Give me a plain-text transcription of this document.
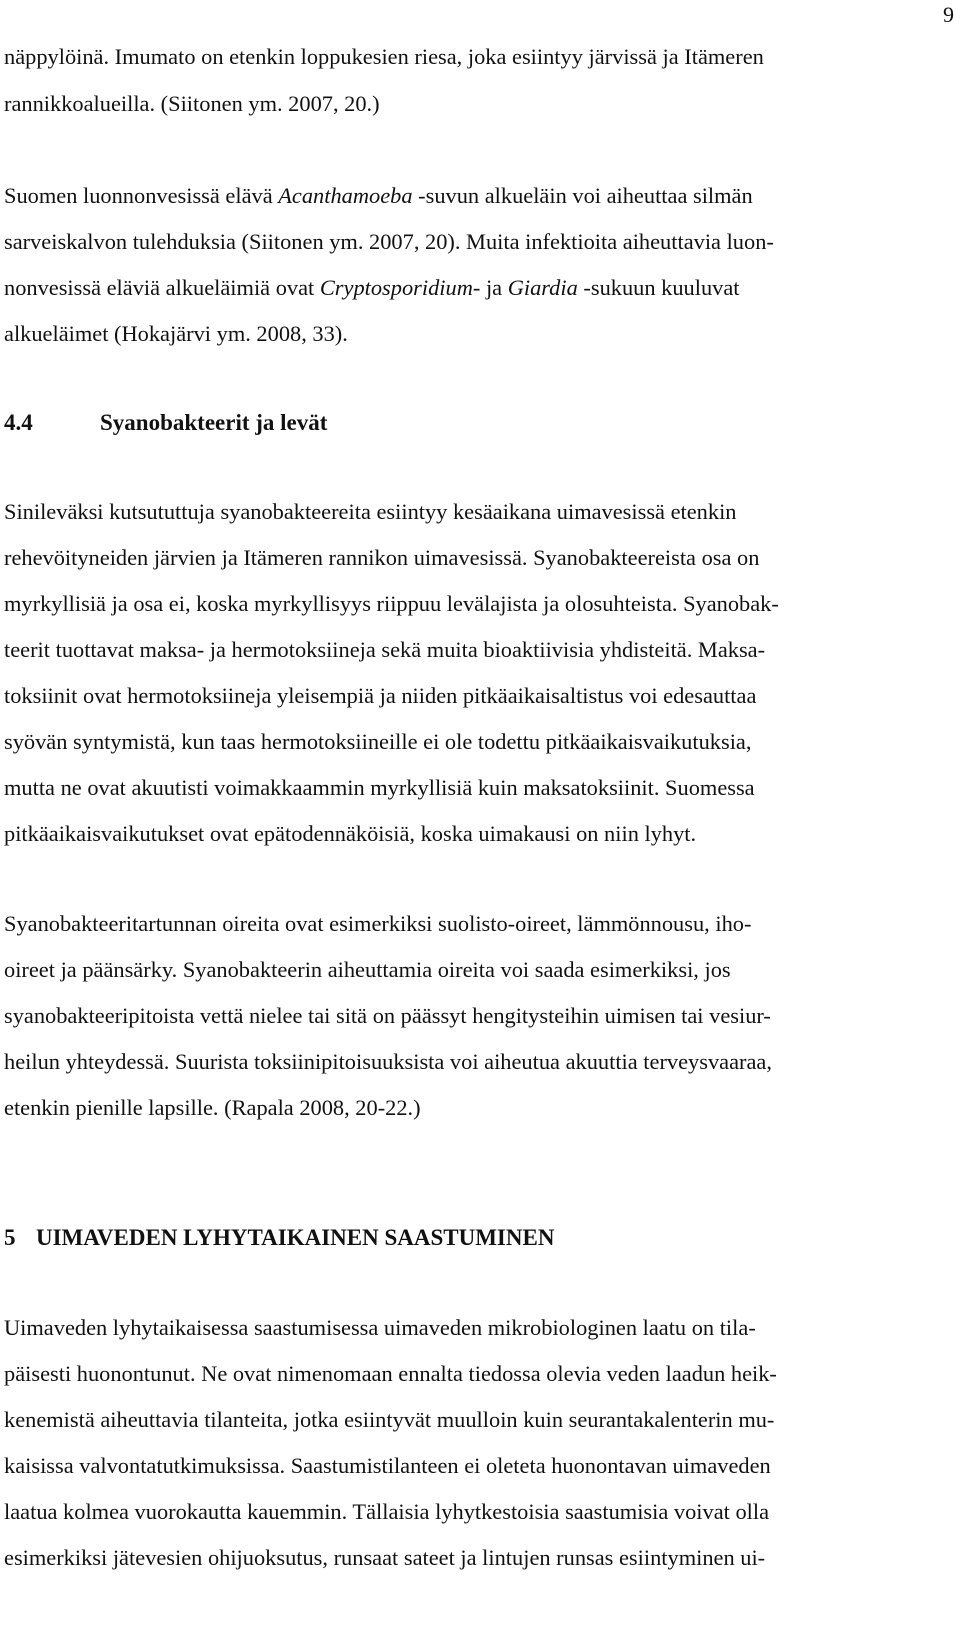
9
näppylöinä. Imumato on etenkin loppukesien riesa, joka esiintyy järvissä ja Itämeren
rannikkoalueilla. (Siitonen ym. 2007, 20.)
Suomen luonnonvesissä elävä Acanthamoeba -suvun alkueläin voi aiheuttaa silmän
sarveiskalvon tulehduksia (Siitonen ym. 2007, 20). Muita infektioita aiheuttavia luon-
nonvesissä eläviä alkueläimiä ovat Cryptosporidium- ja Giardia -sukuun kuuluvat
alkueläimet (Hokajärvi ym. 2008, 33).
4.4	Syanobakteerit ja levät
Sinileväksi kutsututtuja syanobakteereita esiintyy kesäaikana uimavesissä etenkin
rehevöityneiden järvien ja Itämeren rannikon uimavesissä. Syanobakteereista osa on
myrkyllisiä ja osa ei, koska myrkyllisyys riippuu levälajista ja olosuhteista. Syanobak-
teerit tuottavat maksa- ja hermotoksiineja sekä muita bioaktiivisia yhdisteitä. Maksa-
toksiinit ovat hermotoksiineja yleisempiä ja niiden pitkäaikaisaltistus voi edesauttaa
syövän syntymistä, kun taas hermotoksiineille ei ole todettu pitkäaikaisvaikutuksia,
mutta ne ovat akuutisti voimakkaammin myrkyllisiä kuin maksatoksiinit. Suomessa
pitkäaikaisvaikutukset ovat epätodennäköisiä, koska uimakausi on niin lyhyt.
Syanobakteeritartunnan oireita ovat esimerkiksi suolisto-oireet, lämmönnousu, iho-
oireet ja päänsärky. Syanobakteerin aiheuttamia oireita voi saada esimerkiksi, jos
syanobakteeripitoista vettä nielee tai sitä on päässyt hengitysteihin uimisen tai vesiur-
heilun yhteydessä. Suurista toksiinipitoisuuksista voi aiheutua akuuttia terveysvaaraa,
etenkin pienille lapsille. (Rapala 2008, 20-22.)
5 UIMAVEDEN LYHYTAIKAINEN SAASTUMINEN
Uimaveden lyhytaikaisessa saastumisessa uimaveden mikrobiologinen laatu on tila-
päisesti huonontunut. Ne ovat nimenomaan ennalta tiedossa olevia veden laadun heik-
kenemistä aiheuttavia tilanteita, jotka esiintyvät muulloin kuin seurantakalenterin mu-
kaisissa valvontatutkimuksissa. Saastumistilanteen ei oleteta huonontavan uimaveden
laatua kolmea vuorokautta kauemmin. Tällaisia lyhytkestoisia saastumisia voivat olla
esimerkiksi jätevesien ohijuoksutus, runsaat sateet ja lintujen runsas esiintyminen ui-
